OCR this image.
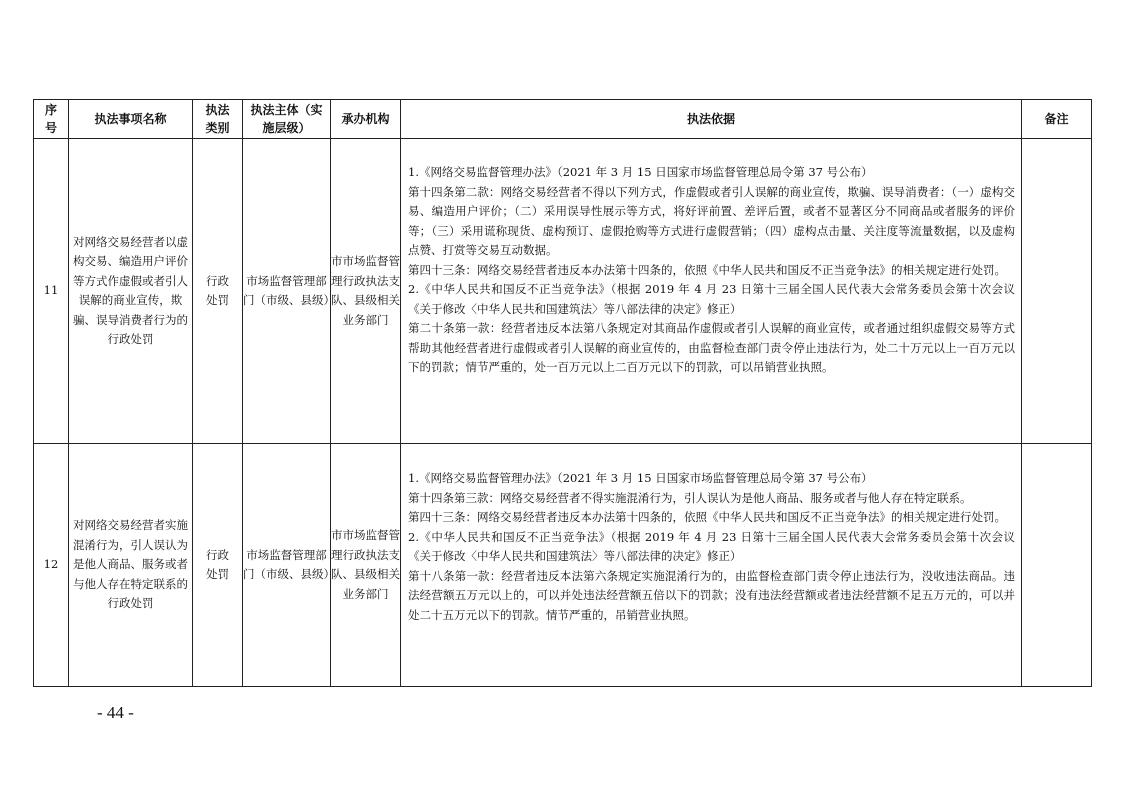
序号	执法事项名称	执法类别	执法主体（实施层级）	承办机构	执法依据	备注
11	对网络交易经营者以虚构交易、编造用户评价等方式作虚假或者引人误解的商业宣传，欺骗、误导消费者行为的行政处罚	行政处罚	市场监督管理部门（市级、县级）	市市场监督管理行政执法支队、县级相关业务部门	1.《网络交易监督管理办法》（2021 年 3 月 15 日国家市场监督管理总局令第 37 号公布）

第十四条第二款：网络交易经营者不得以下列方式，作虚假或者引人误解的商业宣传，欺骗、误导消费者：（一）虚构交易、编造用户评价；（二）采用误导性展示等方式，将好评前置、差评后置，或者不显著区分不同商品或者服务的评价等；（三）采用谎称现货、虚构预订、虚假抢购等方式进行虚假营销；（四）虚构点击量、关注度等流量数据，以及虚构点赞、打赏等交易互动数据。

第四十三条：网络交易经营者违反本办法第十四条的，依照《中华人民共和国反不正当竞争法》的相关规定进行处罚。

2.《中华人民共和国反不正当竞争法》（根据 2019 年 4 月 23 日第十三届全国人民代表大会常务委员会第十次会议《关于修改〈中华人民共和国建筑法〉等八部法律的决定》修正）

第二十条第一款：经营者违反本法第八条规定对其商品作虚假或者引人误解的商业宣传，或者通过组织虚假交易等方式帮助其他经营者进行虚假或者引人误解的商业宣传的，由监督检查部门责令停止违法行为，处二十万元以上一百万元以下的罚款；情节严重的，处一百万元以上二百万元以下的罚款，可以吊销营业执照。	

12	对网络交易经营者实施混淆行为，引人误认为是他人商品、服务或者与他人存在特定联系的行政处罚	行政处罚	市场监督管理部门（市级、县级）	市市场监督管理行政执法支队、县级相关业务部门	1.《网络交易监督管理办法》（2021 年 3 月 15 日国家市场监督管理总局令第 37 号公布）

第十四条第三款：网络交易经营者不得实施混淆行为，引人误认为是他人商品、服务或者与他人存在特定联系。

第四十三条：网络交易经营者违反本办法第十四条的，依照《中华人民共和国反不正当竞争法》的相关规定进行处罚。

2.《中华人民共和国反不正当竞争法》（根据 2019 年 4 月 23 日第十三届全国人民代表大会常务委员会第十次会议《关于修改〈中华人民共和国建筑法〉等八部法律的决定》修正）

第十八条第一款：经营者违反本法第六条规定实施混淆行为的，由监督检查部门责令停止违法行为，没收违法商品。违法经营额五万元以上的，可以并处违法经营额五倍以下的罚款；没有违法经营额或者违法经营额不足五万元的，可以并处二十五万元以下的罚款。情节严重的，吊销营业执照。	

- 44 -
